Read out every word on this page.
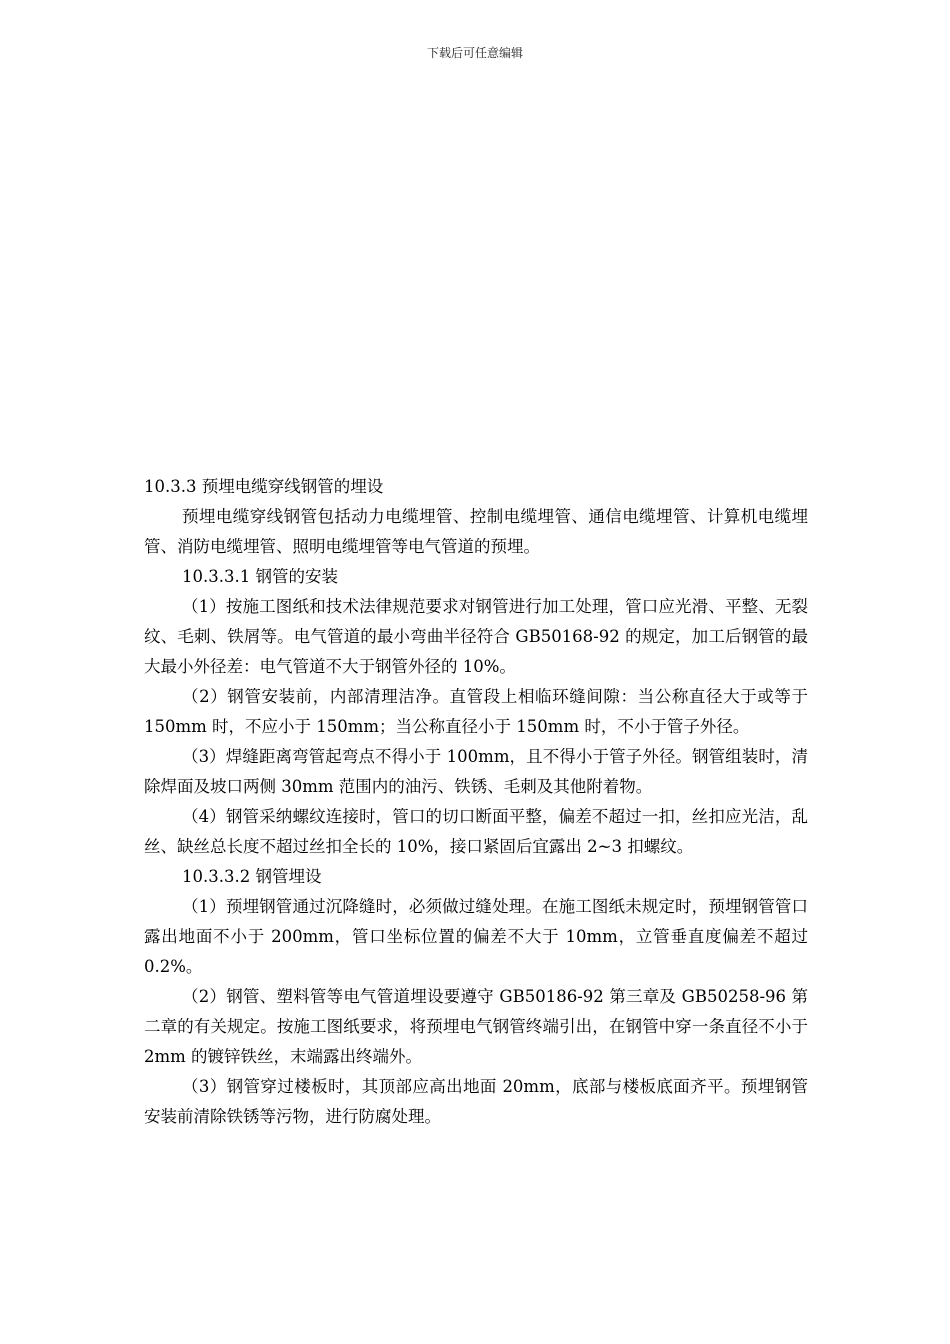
下载后可任意编辑

10.3.3 预埋电缆穿线钢管的埋设

预埋电缆穿线钢管包括动力电缆埋管、控制电缆埋管、通信电缆埋管、计算机电缆埋管、消防电缆埋管、照明电缆埋管等电气管道的预埋。

10.3.3.1 钢管的安装

（1）按施工图纸和技术法律规范要求对钢管进行加工处理，管口应光滑、平整、无裂纹、毛刺、铁屑等。电气管道的最小弯曲半径符合 GB50168-92 的规定，加工后钢管的最大最小外径差：电气管道不大于钢管外径的 10%。

（2）钢管安装前，内部清理洁净。直管段上相临环缝间隙：当公称直径大于或等于 150mm 时，不应小于 150mm；当公称直径小于 150mm 时，不小于管子外径。

（3）焊缝距离弯管起弯点不得小于 100mm，且不得小于管子外径。钢管组装时，清除焊面及坡口两侧 30mm 范围内的油污、铁锈、毛刺及其他附着物。

（4）钢管采纳螺纹连接时，管口的切口断面平整，偏差不超过一扣，丝扣应光洁，乱丝、缺丝总长度不超过丝扣全长的 10%，接口紧固后宜露出 2~3 扣螺纹。

10.3.3.2 钢管埋设

（1）预埋钢管通过沉降缝时，必须做过缝处理。在施工图纸未规定时，预埋钢管管口露出地面不小于 200mm，管口坐标位置的偏差不大于 10mm，立管垂直度偏差不超过 0.2%。

（2）钢管、塑料管等电气管道埋设要遵守 GB50186-92 第三章及 GB50258-96 第二章的有关规定。按施工图纸要求，将预埋电气钢管终端引出，在钢管中穿一条直径不小于 2mm 的镀锌铁丝，末端露出终端外。

（3）钢管穿过楼板时，其顶部应高出地面 20mm，底部与楼板底面齐平。预埋钢管安装前清除铁锈等污物，进行防腐处理。
